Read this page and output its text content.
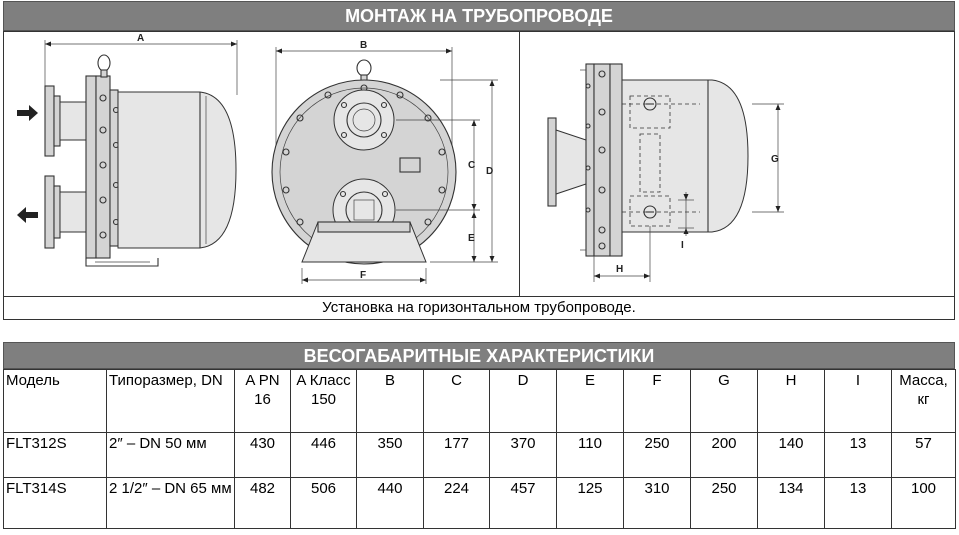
МОНТАЖ НА ТРУБОПРОВОДЕ
Установка на горизонтальном трубопроводе.
A
B
F
D
C
E
G
I
H
ВЕСОГАБАРИТНЫЕ ХАРАКТЕРИСТИКИ
Модель	Типоразмер, DN	A PN 16	A Класс 150	B	C	D	E	F	G	H	I	Масса, кг
FLT312S	2″ – DN 50 мм	430	446	350	177	370	110	250	200	140	13	57
FLT314S	2 1/2″ – DN 65 мм	482	506	440	224	457	125	310	250	134	13	100
